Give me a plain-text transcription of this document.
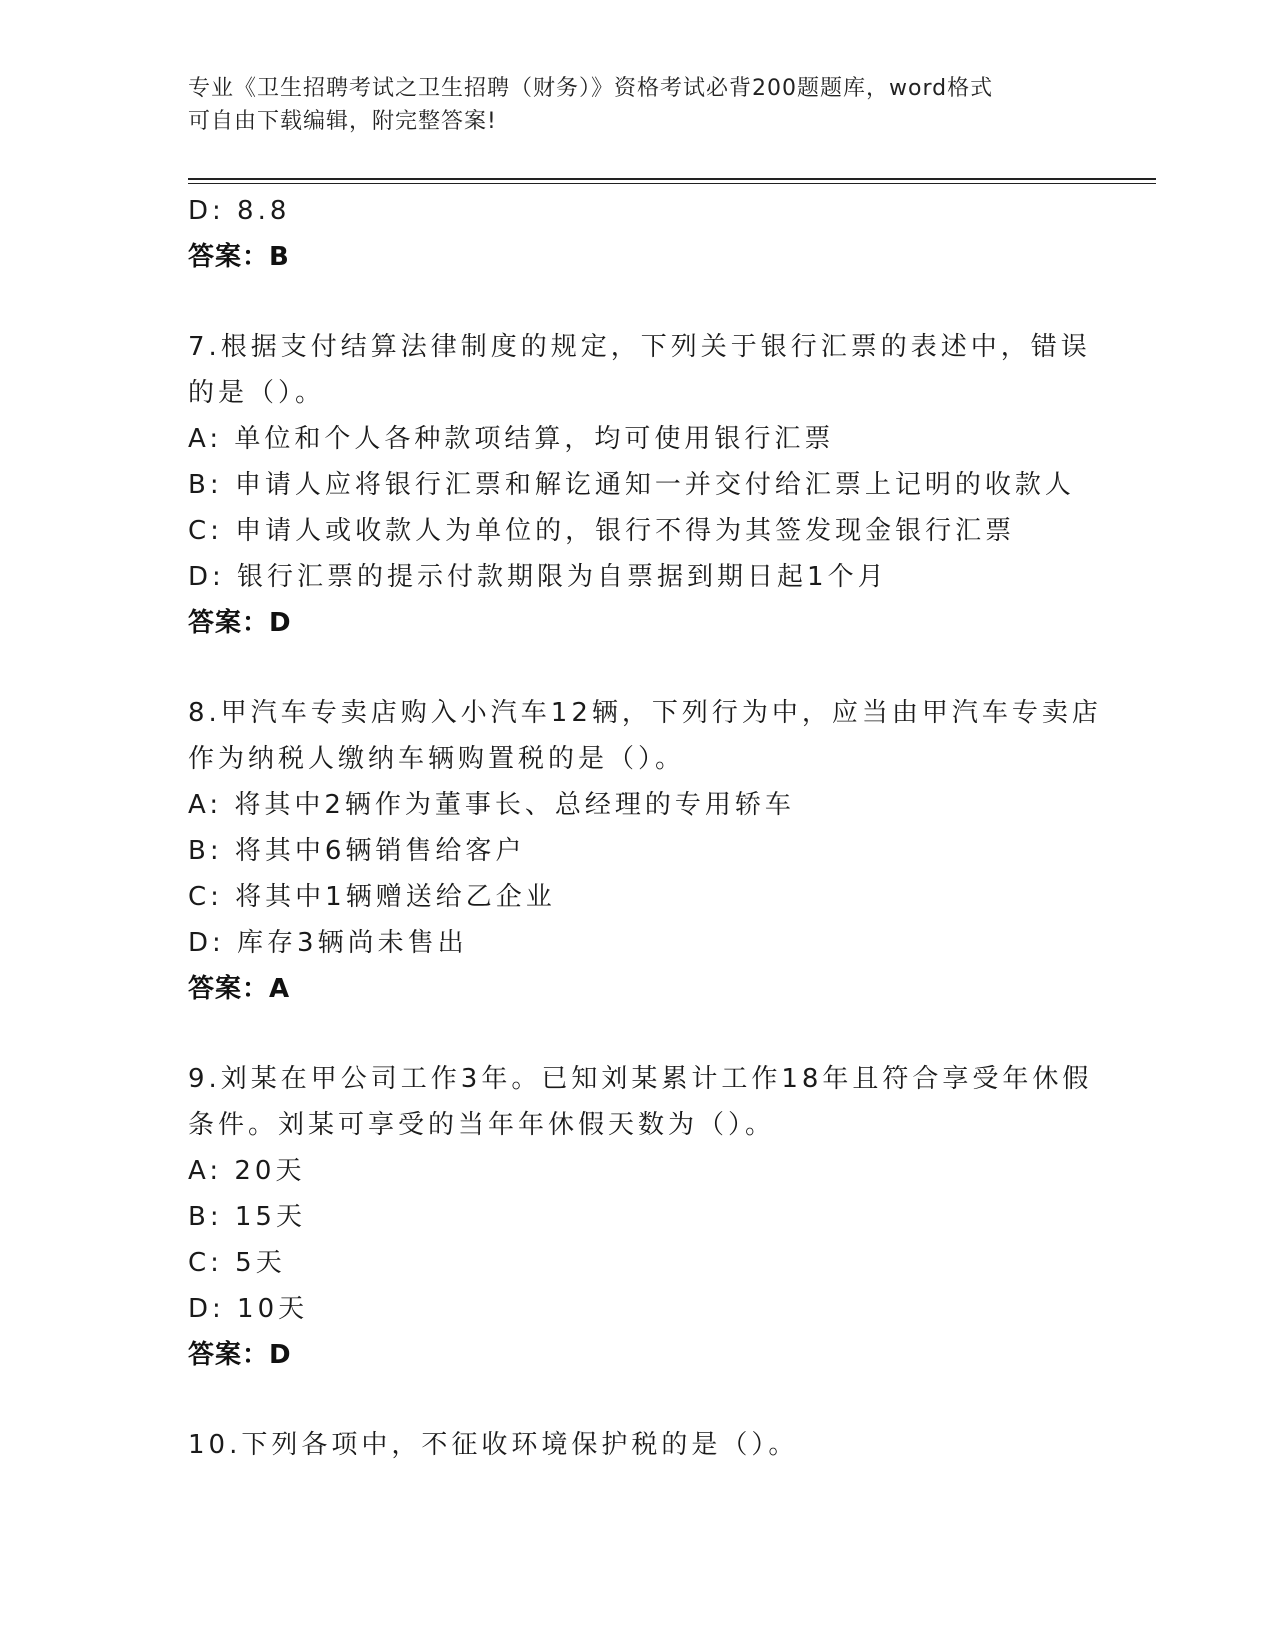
专业《卫生招聘考试之卫生招聘（财务）》资格考试必背200题题库，word格式
可自由下载编辑，附完整答案!
D: 8.8
答案：B
7.根据支付结算法律制度的规定，下列关于银行汇票的表述中，错误
的是（）。
A: 单位和个人各种款项结算，均可使用银行汇票
B: 申请人应将银行汇票和解讫通知一并交付给汇票上记明的收款人
C: 申请人或收款人为单位的，银行不得为其签发现金银行汇票
D: 银行汇票的提示付款期限为自票据到期日起1个月
答案：D
8.甲汽车专卖店购入小汽车12辆，下列行为中，应当由甲汽车专卖店
作为纳税人缴纳车辆购置税的是（）。
A: 将其中2辆作为董事长、总经理的专用轿车
B: 将其中6辆销售给客户
C: 将其中1辆赠送给乙企业
D: 库存3辆尚未售出
答案：A
9.刘某在甲公司工作3年。已知刘某累计工作18年且符合享受年休假
条件。刘某可享受的当年年休假天数为（）。
A: 20天
B: 15天
C: 5天
D: 10天
答案：D
10.下列各项中，不征收环境保护税的是（）。
